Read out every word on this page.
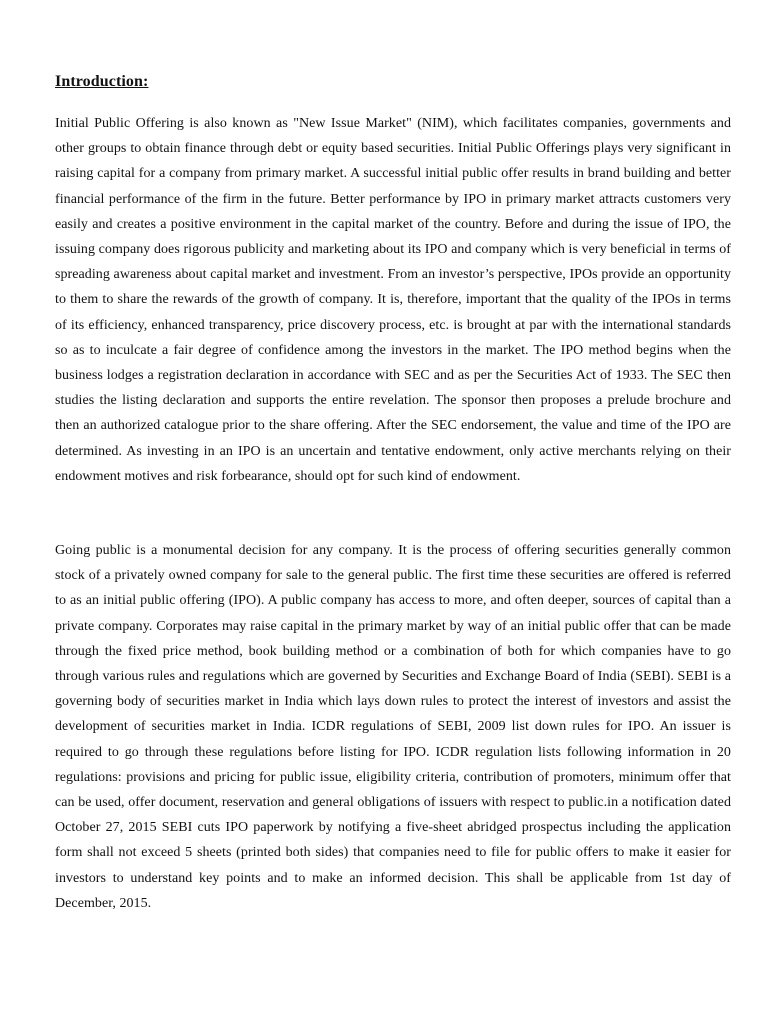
Introduction:

Initial Public Offering is also known as "New Issue Market" (NIM), which facilitates companies, governments and other groups to obtain finance through debt or equity based securities. Initial Public Offerings plays very significant in raising capital for a company from primary market. A successful initial public offer results in brand building and better financial performance of the firm in the future. Better performance by IPO in primary market attracts customers very easily and creates a positive environment in the capital market of the country. Before and during the issue of IPO, the issuing company does rigorous publicity and marketing about its IPO and company which is very beneficial in terms of spreading awareness about capital market and investment. From an investor’s perspective, IPOs provide an opportunity to them to share the rewards of the growth of company. It is, therefore, important that the quality of the IPOs in terms of its efficiency, enhanced transparency, price discovery process, etc. is brought at par with the international standards so as to inculcate a fair degree of confidence among the investors in the market. The IPO method begins when the business lodges a registration declaration in accordance with SEC and as per the Securities Act of 1933. The SEC then studies the listing declaration and supports the entire revelation. The sponsor then proposes a prelude brochure and then an authorized catalogue prior to the share offering. After the SEC endorsement, the value and time of the IPO are determined. As investing in an IPO is an uncertain and tentative endowment, only active merchants relying on their endowment motives and risk forbearance, should opt for such kind of endowment.

Going public is a monumental decision for any company. It is the process of offering securities generally common stock of a privately owned company for sale to the general public. The first time these securities are offered is referred to as an initial public offering (IPO). A public company has access to more, and often deeper, sources of capital than a private company. Corporates may raise capital in the primary market by way of an initial public offer that can be made through the fixed price method, book building method or a combination of both for which companies have to go through various rules and regulations which are governed by Securities and Exchange Board of India (SEBI). SEBI is a governing body of securities market in India which lays down rules to protect the interest of investors and assist the development of securities market in India. ICDR regulations of SEBI, 2009 list down rules for IPO. An issuer is required to go through these regulations before listing for IPO. ICDR regulation lists following information in 20 regulations: provisions and pricing for public issue, eligibility criteria, contribution of promoters, minimum offer that can be used, offer document, reservation and general obligations of issuers with respect to public.in a notification dated October 27, 2015 SEBI cuts IPO paperwork by notifying a five-sheet abridged prospectus including the application form shall not exceed 5 sheets (printed both sides) that companies need to file for public offers to make it easier for investors to understand key points and to make an informed decision. This shall be applicable from 1st day of December, 2015.
